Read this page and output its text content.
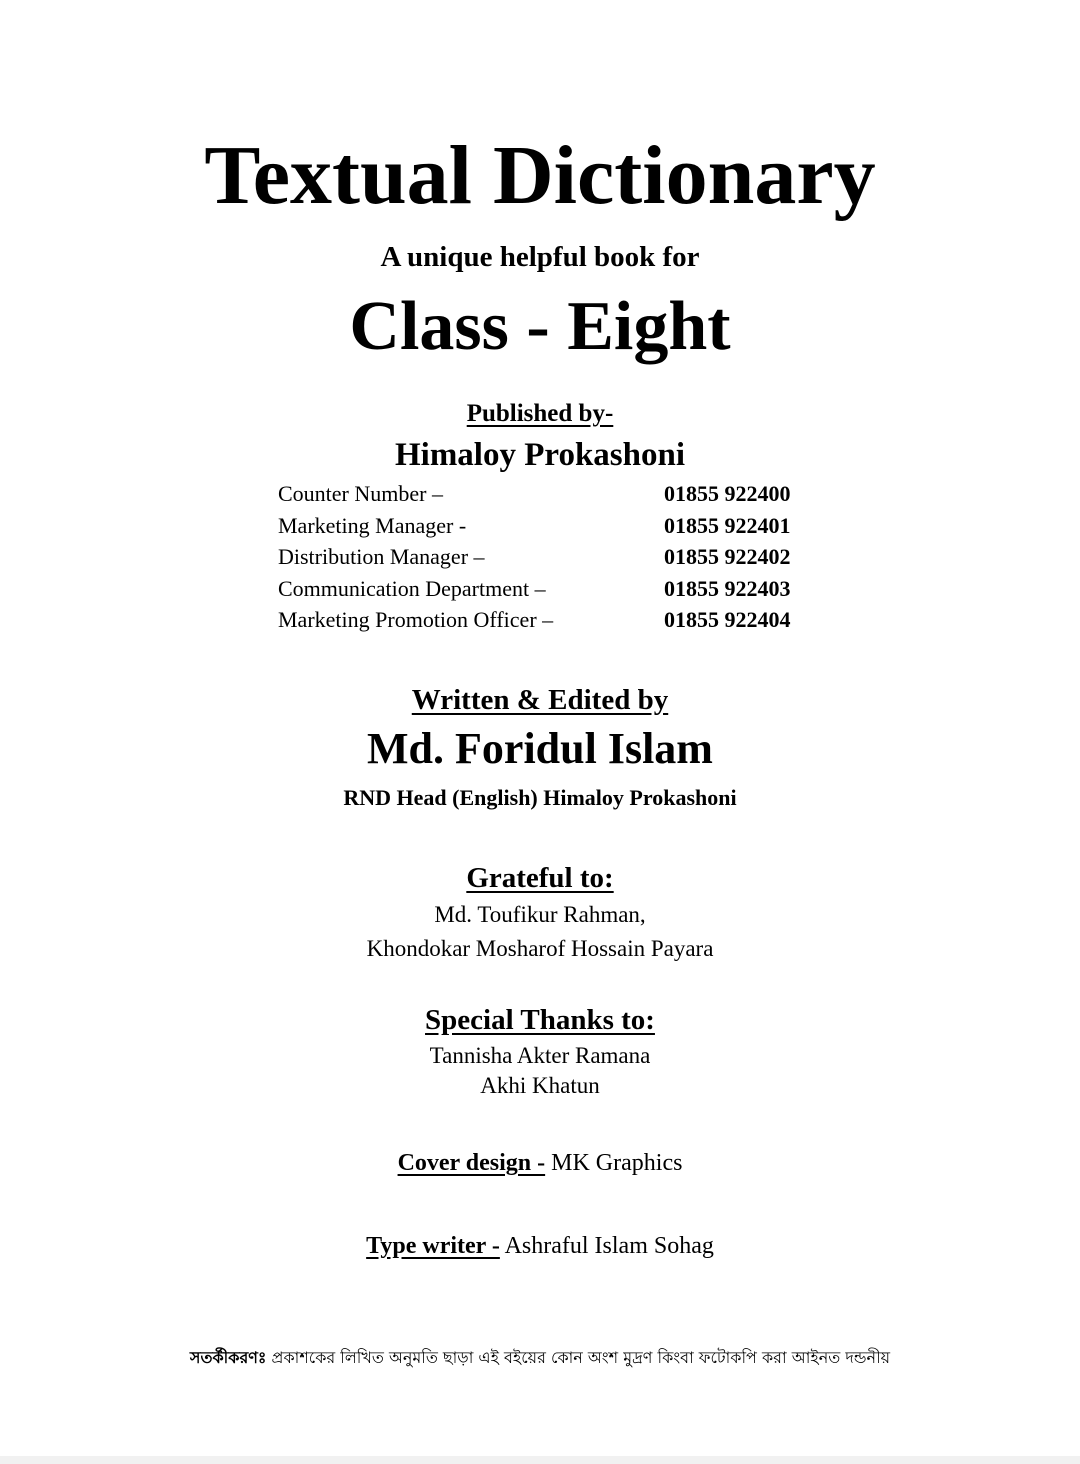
Textual Dictionary
A unique helpful book for
Class - Eight
Published by-
Himaloy Prokashoni
Counter Number –	01855 922400
Marketing Manager -	01855 922401
Distribution Manager –	01855 922402
Communication Department –	01855 922403
Marketing Promotion Officer –	01855 922404
Written & Edited by
Md. Foridul Islam
RND Head (English) Himaloy Prokashoni
Grateful to:
Md. Toufikur Rahman,
Khondokar Mosharof Hossain Payara
Special Thanks to:
Tannisha Akter Ramana
Akhi Khatun
Cover design - MK Graphics
Type writer - Ashraful Islam Sohag
সতর্কীকরণঃ প্রকাশকের লিখিত অনুমতি ছাড়া এই বইয়ের কোন অংশ মুদ্রণ কিংবা ফটোকপি করা আইনত দন্ডনীয়
